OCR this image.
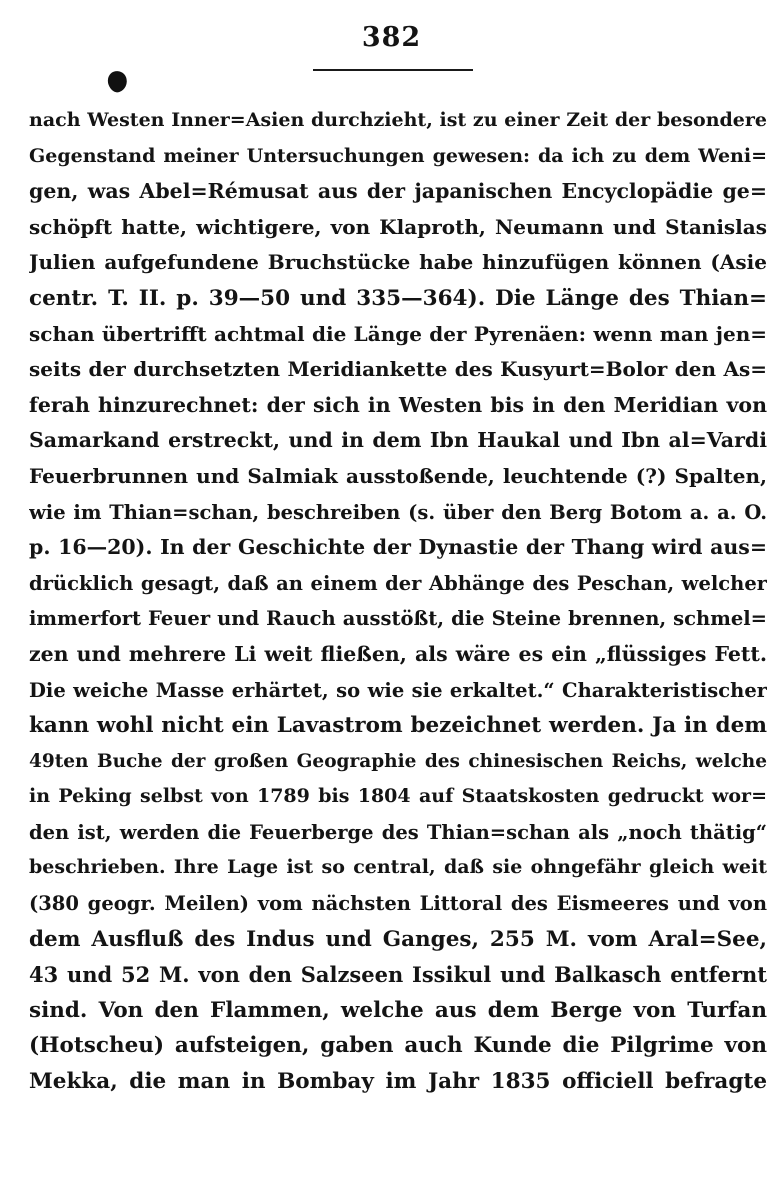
382
nach Westen Inner=Asien durchzieht, ist zu einer Zeit der besondere
Gegenstand meiner Untersuchungen gewesen: da ich zu dem Weni=
gen, was Abel=Rémusat aus der japanischen Encyclopädie ge=
schöpft hatte, wichtigere, von Klaproth, Neumann und Stanislas
Julien aufgefundene Bruchstücke habe hinzufügen können (Asie
centr. T. II. p. 39—50 und 335—364). Die Länge des Thian=
schan übertrifft achtmal die Länge der Pyrenäen: wenn man jen=
seits der durchsetzten Meridiankette des Kusyurt=Bolor den As=
ferah hinzurechnet: der sich in Westen bis in den Meridian von
Samarkand erstreckt, und in dem Ibn Haukal und Ibn al=Vardi
Feuerbrunnen und Salmiak ausstoßende, leuchtende (?) Spalten,
wie im Thian=schan, beschreiben (s. über den Berg Botom a. a. O.
p. 16—20). In der Geschichte der Dynastie der Thang wird aus=
drücklich gesagt, daß an einem der Abhänge des Peschan, welcher
immerfort Feuer und Rauch ausstößt, die Steine brennen, schmel=
zen und mehrere Li weit fließen, als wäre es ein „flüssiges Fett.
Die weiche Masse erhärtet, so wie sie erkaltet.“ Charakteristischer
kann wohl nicht ein Lavastrom bezeichnet werden. Ja in dem
49ten Buche der großen Geographie des chinesischen Reichs, welche
in Peking selbst von 1789 bis 1804 auf Staatskosten gedruckt wor=
den ist, werden die Feuerberge des Thian=schan als „noch thätig“
beschrieben. Ihre Lage ist so central, daß sie ohngefähr gleich weit
(380 geogr. Meilen) vom nächsten Littoral des Eismeeres und von
dem Ausfluß des Indus und Ganges, 255 M. vom Aral=See,
43 und 52 M. von den Salzseen Issikul und Balkasch entfernt
sind. Von den Flammen, welche aus dem Berge von Turfan
(Hotscheu) aufsteigen, gaben auch Kunde die Pilgrime von
Mekka, die man in Bombay im Jahr 1835 officiell befragte
